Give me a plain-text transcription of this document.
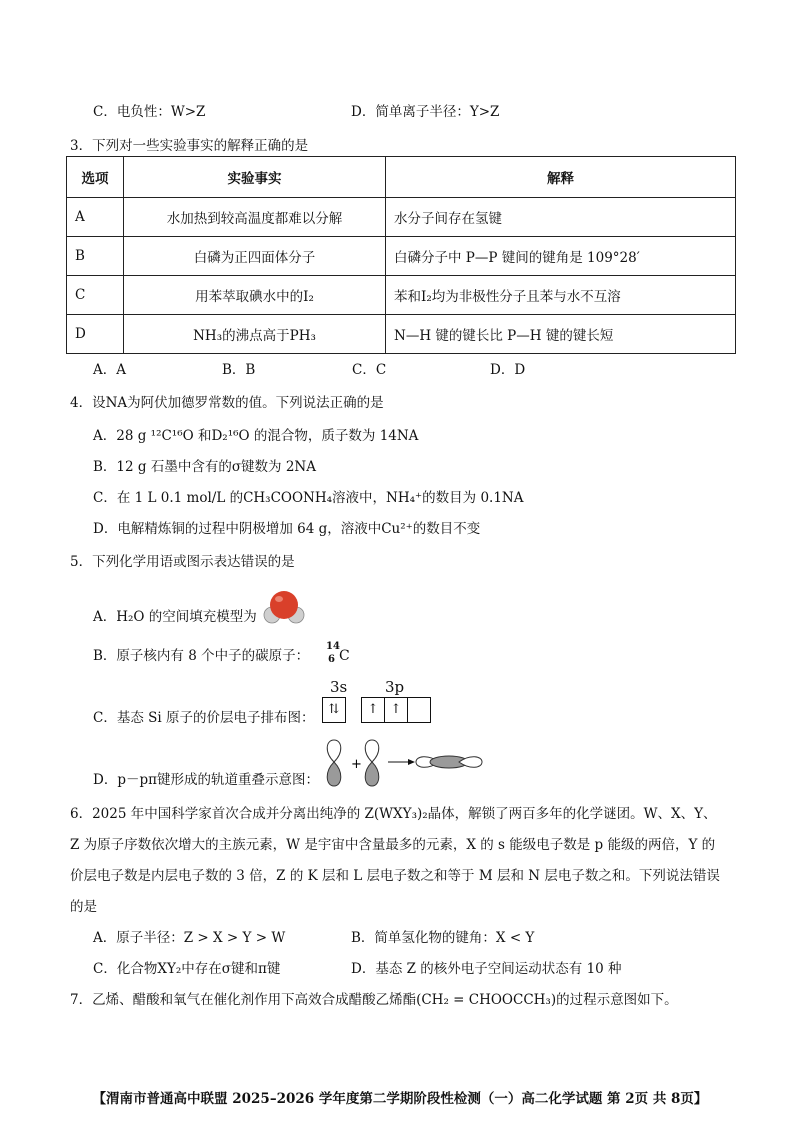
C．电负性：W>Z	D．简单离子半径：Y>Z
3．下列对一些实验事实的解释正确的是
选项	实验事实	解释
A	水加热到较高温度都难以分解	水分子间存在氢键
B	白磷为正四面体分子	白磷分子中 P—P 键间的键角是 109°28′
C	用苯萃取碘水中的I₂	苯和I₂均为非极性分子且苯与水不互溶
D	NH₃的沸点高于PH₃	N—H 键的键长比 P—H 键的键长短
A．A	B．B	C．C	D．D
4．设NA为阿伏加德罗常数的值。下列说法正确的是
A．28 g ¹²C¹⁶O 和D₂¹⁶O 的混合物，质子数为 14NA
B．12 g 石墨中含有的σ键数为 2NA
C．在 1 L 0.1 mol/L 的CH₃COONH₄溶液中，NH₄⁺的数目为 0.1NA
D．电解精炼铜的过程中阴极增加 64 g，溶液中Cu²⁺的数目不变
5．下列化学用语或图示表达错误的是
A．H₂O 的空间填充模型为
B．原子核内有 8 个中子的碳原子：
14
6 C
C．基态 Si 原子的价层电子排布图：
3s	3p
⇅	↑ ↑
D．p－pπ键形成的轨道重叠示意图：
+
6．2025 年中国科学家首次合成并分离出纯净的 Z(WXY₃)₂晶体，解锁了两百多年的化学谜团。W、X、Y、
Z 为原子序数依次增大的主族元素，W 是宇宙中含量最多的元素，X 的 s 能级电子数是 p 能级的两倍，Y 的
价层电子数是内层电子数的 3 倍，Z 的 K 层和 L 层电子数之和等于 M 层和 N 层电子数之和。下列说法错误
的是
A．原子半径：Z > X > Y > W	B．简单氢化物的键角：X < Y
C．化合物XY₂中存在σ键和π键	D．基态 Z 的核外电子空间运动状态有 10 种
7．乙烯、醋酸和氧气在催化剂作用下高效合成醋酸乙烯酯(CH₂ = CHOOCCH₃)的过程示意图如下。
【渭南市普通高中联盟 2025–2026 学年度第二学期阶段性检测（一）高二化学试题 第 2页 共 8页】
